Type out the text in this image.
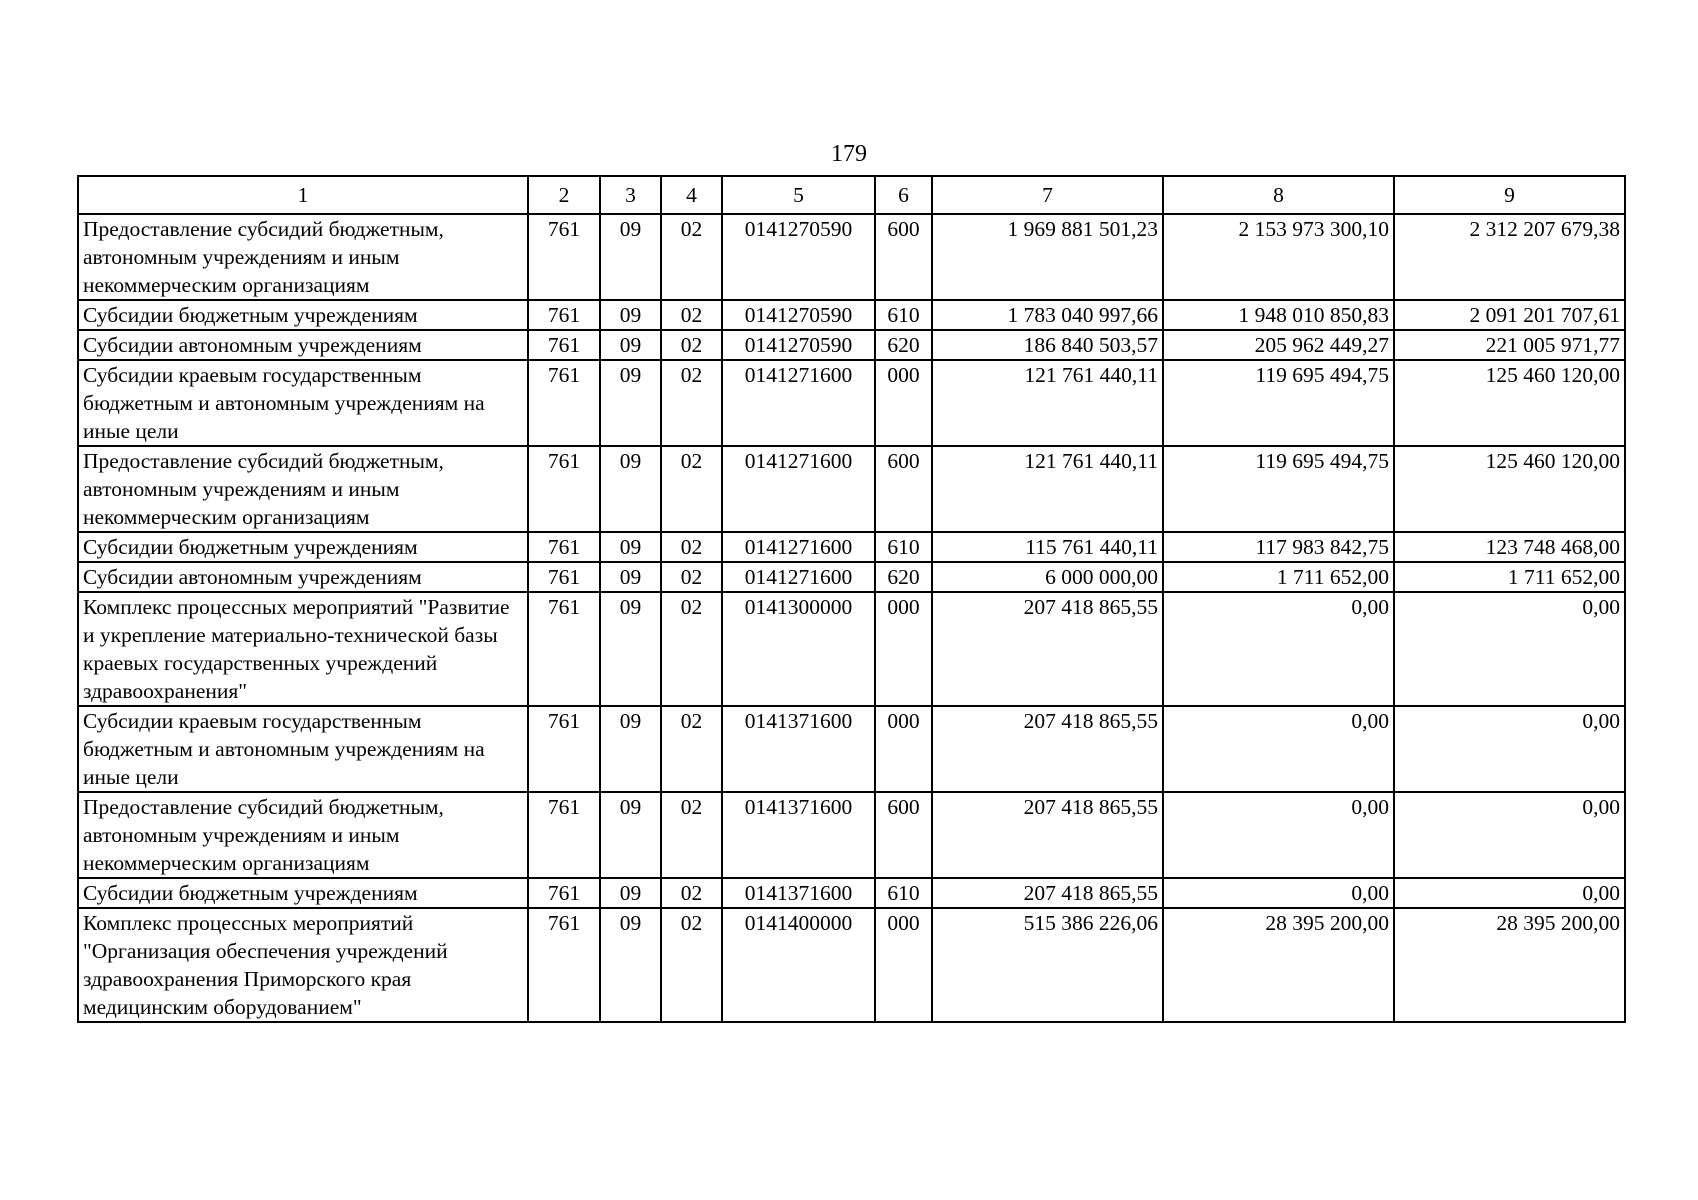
179
1	2	3	4	5	6	7	8	9
Предоставление субсидий бюджетным, автономным учреждениям и иным некоммерческим организациям	761	09	02	0141270590	600	1 969 881 501,23	2 153 973 300,10	2 312 207 679,38
Субсидии бюджетным учреждениям	761	09	02	0141270590	610	1 783 040 997,66	1 948 010 850,83	2 091 201 707,61
Субсидии автономным учреждениям	761	09	02	0141270590	620	186 840 503,57	205 962 449,27	221 005 971,77
Субсидии краевым государственным бюджетным и автономным учреждениям на иные цели	761	09	02	0141271600	000	121 761 440,11	119 695 494,75	125 460 120,00
Предоставление субсидий бюджетным, автономным учреждениям и иным некоммерческим организациям	761	09	02	0141271600	600	121 761 440,11	119 695 494,75	125 460 120,00
Субсидии бюджетным учреждениям	761	09	02	0141271600	610	115 761 440,11	117 983 842,75	123 748 468,00
Субсидии автономным учреждениям	761	09	02	0141271600	620	6 000 000,00	1 711 652,00	1 711 652,00
Комплекс процессных мероприятий "Развитие и укрепление материально-технической базы краевых государственных учреждений здравоохранения"	761	09	02	0141300000	000	207 418 865,55	0,00	0,00
Субсидии краевым государственным бюджетным и автономным учреждениям на иные цели	761	09	02	0141371600	000	207 418 865,55	0,00	0,00
Предоставление субсидий бюджетным, автономным учреждениям и иным некоммерческим организациям	761	09	02	0141371600	600	207 418 865,55	0,00	0,00
Субсидии бюджетным учреждениям	761	09	02	0141371600	610	207 418 865,55	0,00	0,00
Комплекс процессных мероприятий "Организация обеспечения учреждений здравоохранения Приморского края медицинским оборудованием"	761	09	02	0141400000	000	515 386 226,06	28 395 200,00	28 395 200,00
